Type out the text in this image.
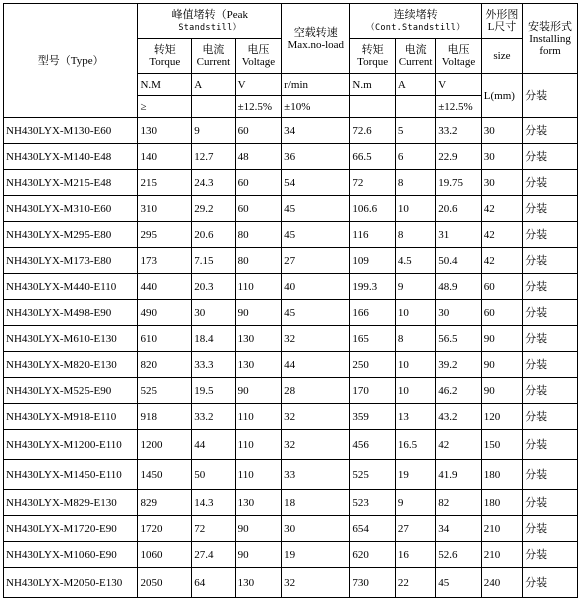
型号（Type）	峰值堵转（Peak
Standstill）			空载转速
Max.no-load	连续堵转
（Cont.Standstill）			外形图
L尺寸	安装形式
Installing
form
	转矩
Torque	电流
Current	电压
Voltage		转矩
Torque	电流
Current	电压
Voltage	size	
	N.M	A	V	r/min	N.m	A	V	L(mm)	分装
	≥		±12.5%	±10%			±12.5%		
NH430LYX-M130-E60	130	9	60	34	72.6	5	33.2	30	分装
NH430LYX-M140-E48	140	12.7	48	36	66.5	6	22.9	30	分装
NH430LYX-M215-E48	215	24.3	60	54	72	8	19.75	30	分装
NH430LYX-M310-E60	310	29.2	60	45	106.6	10	20.6	42	分装
NH430LYX-M295-E80	295	20.6	80	45	116	8	31	42	分装
NH430LYX-M173-E80	173	7.15	80	27	109	4.5	50.4	42	分装
NH430LYX-M440-E110	440	20.3	110	40	199.3	9	48.9	60	分装
NH430LYX-M498-E90	490	30	90	45	166	10	30	60	分装
NH430LYX-M610-E130	610	18.4	130	32	165	8	56.5	90	分装
NH430LYX-M820-E130	820	33.3	130	44	250	10	39.2	90	分装
NH430LYX-M525-E90	525	19.5	90	28	170	10	46.2	90	分装
NH430LYX-M918-E110	918	33.2	110	32	359	13	43.2	120	分装
NH430LYX-M1200-E110	1200	44	110	32	456	16.5	42	150	分装
NH430LYX-M1450-E110	1450	50	110	33	525	19	41.9	180	分装
NH430LYX-M829-E130	829	14.3	130	18	523	9	82	180	分装
NH430LYX-M1720-E90	1720	72	90	30	654	27	34	210	分装
NH430LYX-M1060-E90	1060	27.4	90	19	620	16	52.6	210	分装
NH430LYX-M2050-E130	2050	64	130	32	730	22	45	240	分装
